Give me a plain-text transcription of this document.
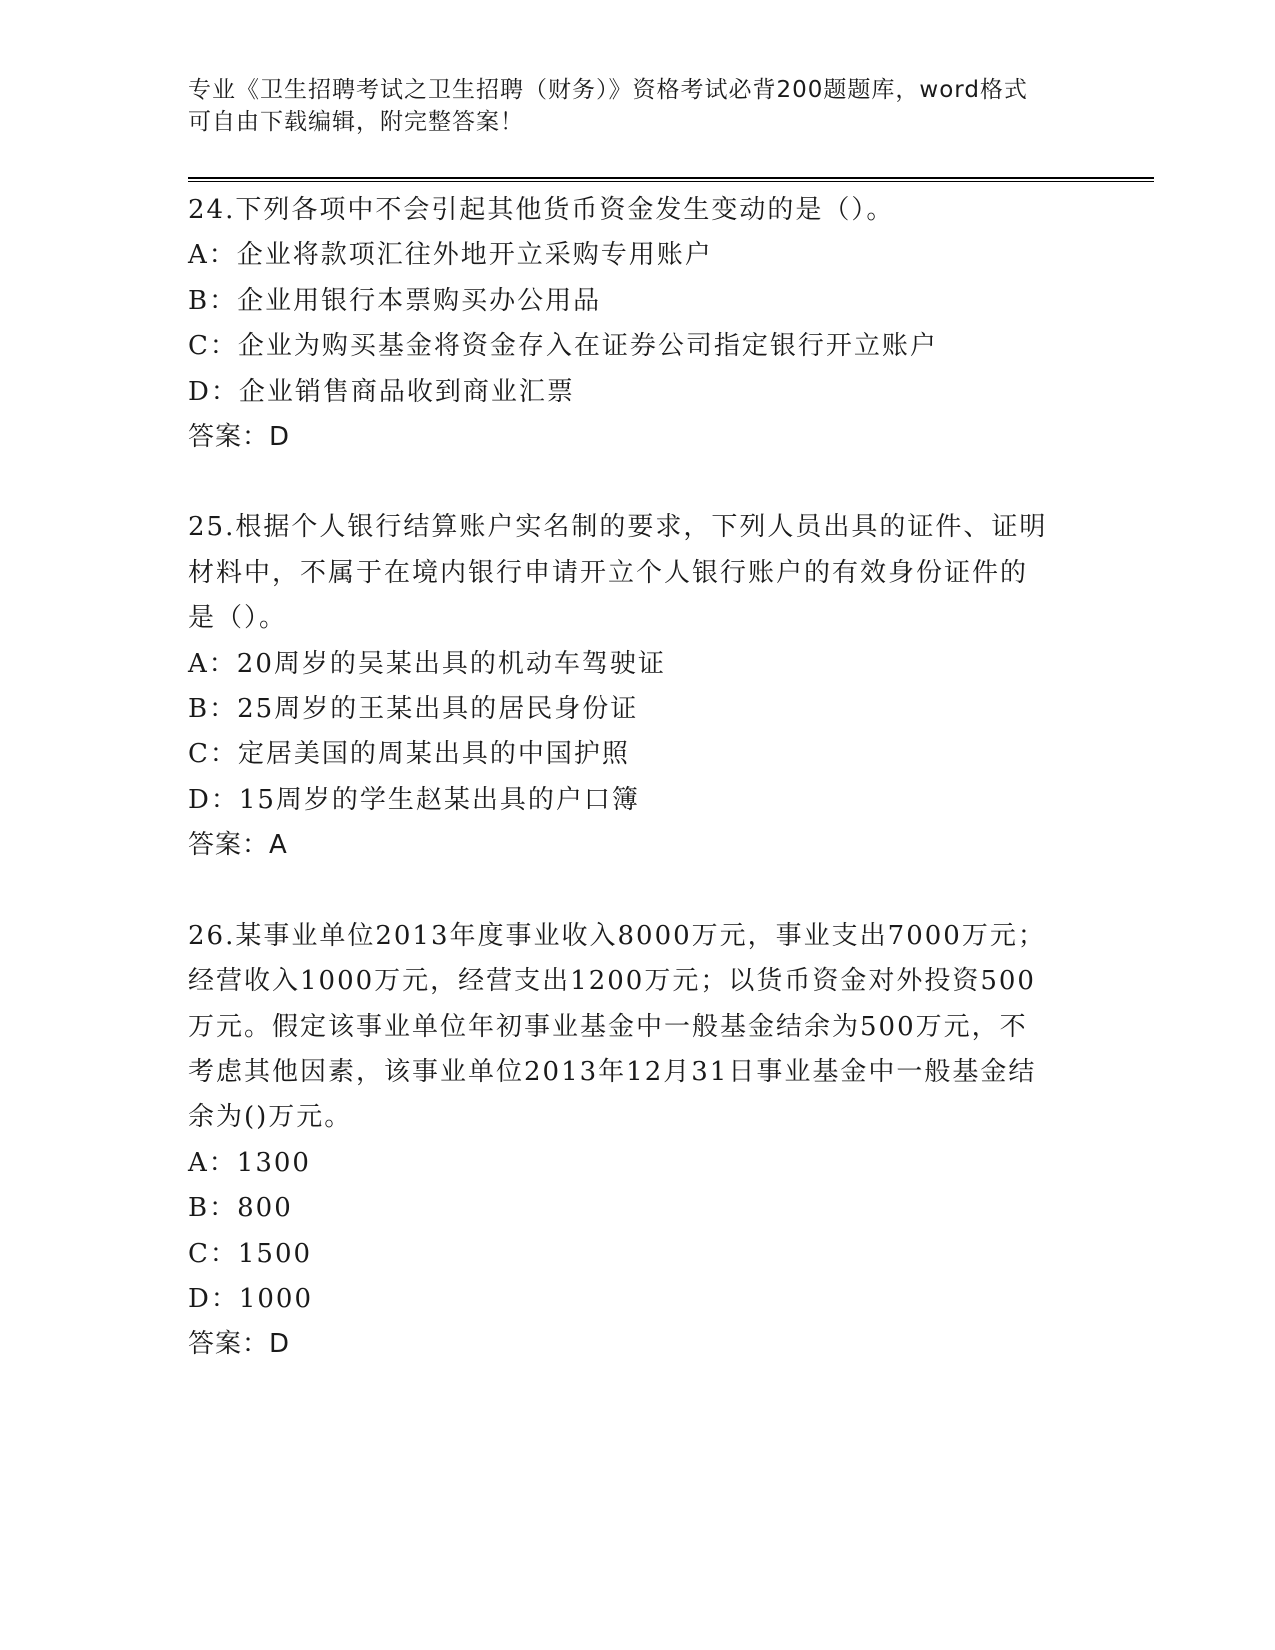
专业《卫生招聘考试之卫生招聘（财务）》资格考试必背200题题库，word格式
可自由下载编辑，附完整答案！
24.下列各项中不会引起其他货币资金发生变动的是（）。
A：企业将款项汇往外地开立采购专用账户
B：企业用银行本票购买办公用品
C：企业为购买基金将资金存入在证券公司指定银行开立账户
D：企业销售商品收到商业汇票
答案：D
25.根据个人银行结算账户实名制的要求，下列人员出具的证件、证明
材料中，不属于在境内银行申请开立个人银行账户的有效身份证件的
是（）。
A：20周岁的吴某出具的机动车驾驶证
B：25周岁的王某出具的居民身份证
C：定居美国的周某出具的中国护照
D：15周岁的学生赵某出具的户口簿
答案：A
26.某事业单位2013年度事业收入8000万元，事业支出7000万元；
经营收入1000万元，经营支出1200万元；以货币资金对外投资500
万元。假定该事业单位年初事业基金中一般基金结余为500万元，不
考虑其他因素，该事业单位2013年12月31日事业基金中一般基金结
余为()万元。
A：1300
B：800
C：1500
D：1000
答案：D
